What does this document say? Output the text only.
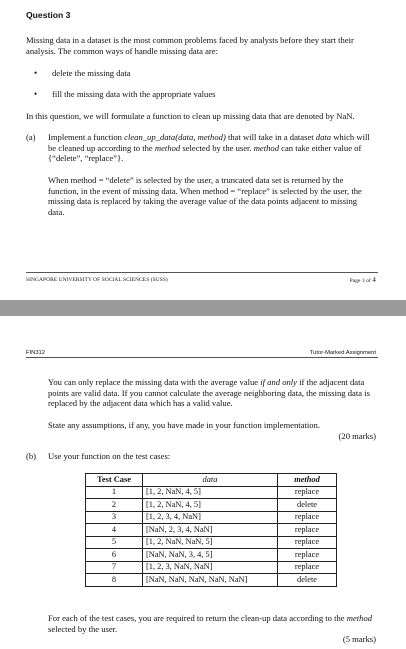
Question 3
Missing data in a dataset is the most common problems faced by analysts before they start their analysis. The common ways of handle missing data are:
• delete the missing data
• fill the missing data with the appropriate values
In this question, we will formulate a function to clean up missing data that are denoted by NaN.
(a) Implement a function clean_up_data(data, method) that will take in a dataset data which will be cleaned up according to the method selected by the user. method can take either value of {“delete”, “replace”}.
When method = “delete” is selected by the user, a truncated data set is returned by the function, in the event of missing data. When method = “replace” is selected by the user, the missing data is replaced by taking the average value of the data points adjacent to missing data.
SINGAPORE UNIVERSITY OF SOCIAL SCIENCES (SUSS)	Page 3 of 4
FIN312	Tutor-Marked Assignment
You can only replace the missing data with the average value if and only if the adjacent data points are valid data. If you cannot calculate the average neighboring data, the missing data is replaced by the adjacent data which has a valid value.
State any assumptions, if any, you have made in your function implementation.
(20 marks)
(b) Use your function on the test cases:
Test Case	data	method
1	[1, 2, NaN, 4, 5]	replace
2	[1, 2, NaN, 4, 5]	delete
3	[1, 2, 3, 4, NaN]	replace
4	[NaN, 2, 3, 4, NaN]	replace
5	[1, 2, NaN, NaN, 5]	replace
6	[NaN, NaN, 3, 4, 5]	replace
7	[1, 2, 3, NaN, NaN]	replace
8	[NaN, NaN, NaN, NaN, NaN]	delete
For each of the test cases, you are required to return the clean-up data according to the method selected by the user.
(5 marks)
